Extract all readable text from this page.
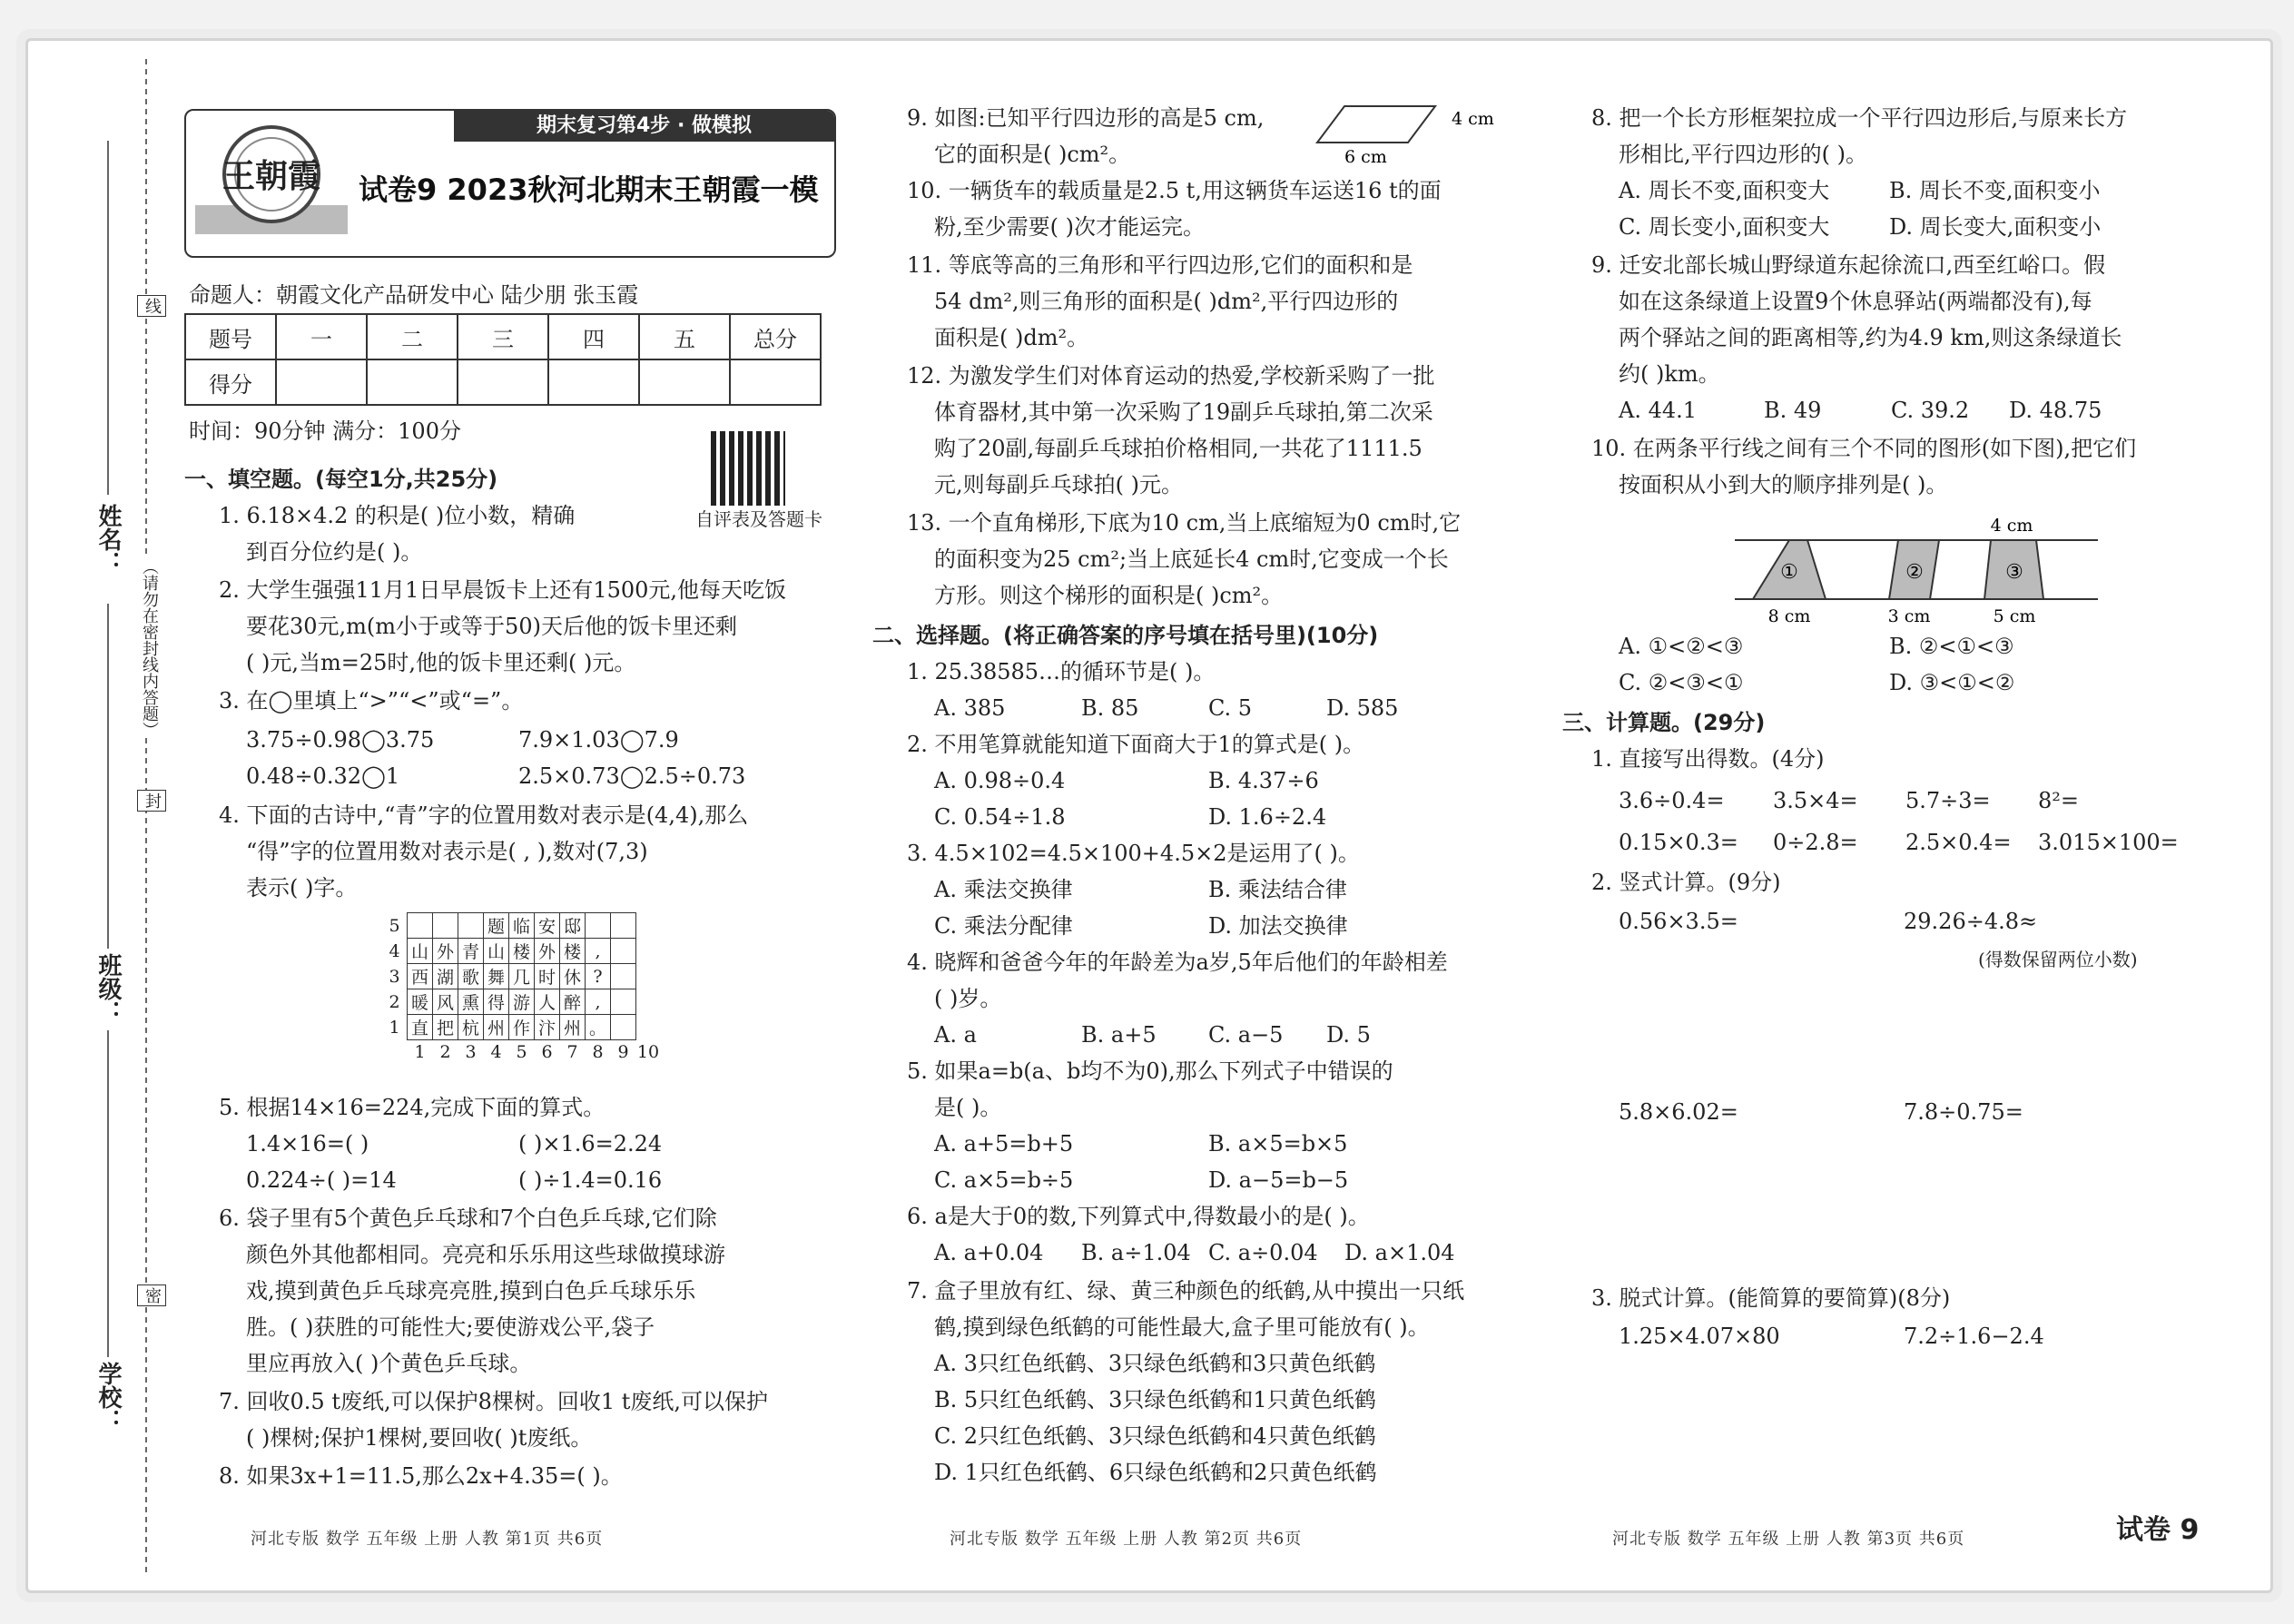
姓名：
班级：
学校：
线
封
密
（请勿在密封线内答题）
期末复习第4步 · 做模拟
王朝霞 试卷9 2023秋河北期末王朝霞一模
命题人：朝霞文化产品研发中心 陆少朋 张玉霞
题号	一	二	三	四	五	总分
得分						
时间：90分钟 满分：100分
自评表及答题卡
一、填空题。(每空1分,共25分)
1. 6.18×4.2 的积是( )位小数，精确
到百分位约是( )。
2. 大学生强强11月1日早晨饭卡上还有1500元,他每天吃饭
要花30元,m(m小于或等于50)天后他的饭卡里还剩
( )元,当m=25时,他的饭卡里还剩( )元。
3. 在◯里填上“>”“<”或“=”。
3.75÷0.98◯3.75	7.9×1.03◯7.9
0.48÷0.32◯1	2.5×0.73◯2.5÷0.73
4. 下面的古诗中,“青”字的位置用数对表示是(4,4),那么
“得”字的位置用数对表示是( , ),数对(7,3)
表示( )字。
5				题	临	安	邸			
4	山	外	青	山	楼	外	楼	,		
3	西	湖	歌	舞	几	时	休	?		
2	暖	风	熏	得	游	人	醉	,		
1	直	把	杭	州	作	汴	州	。		
	1	2	3	4	5	6	7	8	9	10
5. 根据14×16=224,完成下面的算式。
1.4×16=( )	( )×1.6=2.24
0.224÷( )=14	( )÷1.4=0.16
6. 袋子里有5个黄色乒乓球和7个白色乒乓球,它们除
颜色外其他都相同。亮亮和乐乐用这些球做摸球游
戏,摸到黄色乒乓球亮亮胜,摸到白色乒乓球乐乐
胜。( )获胜的可能性大;要使游戏公平,袋子
里应再放入( )个黄色乒乓球。
7. 回收0.5 t废纸,可以保护8棵树。回收1 t废纸,可以保护
( )棵树;保护1棵树,要回收( )t废纸。
8. 如果3x+1=11.5,那么2x+4.35=( )。
河北专版 数学 五年级 上册 人教 第1页 共6页
9. 如图:已知平行四边形的高是5 cm,
它的面积是( )cm²。
4 cm
6 cm
10. 一辆货车的载质量是2.5 t,用这辆货车运送16 t的面
粉,至少需要( )次才能运完。
11. 等底等高的三角形和平行四边形,它们的面积和是
54 dm²,则三角形的面积是( )dm²,平行四边形的
面积是( )dm²。
12. 为激发学生们对体育运动的热爱,学校新采购了一批
体育器材,其中第一次采购了19副乒乓球拍,第二次采
购了20副,每副乒乓球拍价格相同,一共花了1111.5
元,则每副乒乓球拍( )元。
13. 一个直角梯形,下底为10 cm,当上底缩短为0 cm时,它
的面积变为25 cm²;当上底延长4 cm时,它变成一个长
方形。则这个梯形的面积是( )cm²。
二、选择题。(将正确答案的序号填在括号里)(10分)
1. 25.38585…的循环节是( )。
A. 385	B. 85	C. 5	D. 585
2. 不用笔算就能知道下面商大于1的算式是( )。
A. 0.98÷0.4	B. 4.37÷6
C. 0.54÷1.8	D. 1.6÷2.4
3. 4.5×102=4.5×100+4.5×2是运用了( )。
A. 乘法交换律	B. 乘法结合律
C. 乘法分配律	D. 加法交换律
4. 晓辉和爸爸今年的年龄差为a岁,5年后他们的年龄相差
( )岁。
A. a	B. a+5 C. a−5 D. 5
5. 如果a=b(a、b均不为0),那么下列式子中错误的
是( )。
A. a+5=b+5	B. a×5=b×5
C. a×5=b÷5	D. a−5=b−5
6. a是大于0的数,下列算式中,得数最小的是( )。
A. a+0.04 B. a÷1.04 C. a÷0.04 D. a×1.04
7. 盒子里放有红、绿、黄三种颜色的纸鹤,从中摸出一只纸
鹤,摸到绿色纸鹤的可能性最大,盒子里可能放有( )。
A. 3只红色纸鹤、3只绿色纸鹤和3只黄色纸鹤
B. 5只红色纸鹤、3只绿色纸鹤和1只黄色纸鹤
C. 2只红色纸鹤、3只绿色纸鹤和4只黄色纸鹤
D. 1只红色纸鹤、6只绿色纸鹤和2只黄色纸鹤
河北专版 数学 五年级 上册 人教 第2页 共6页
8. 把一个长方形框架拉成一个平行四边形后,与原来长方
形相比,平行四边形的( )。
A. 周长不变,面积变大	B. 周长不变,面积变小
C. 周长变小,面积变大	D. 周长变大,面积变小
9. 迁安北部长城山野绿道东起徐流口,西至红峪口。假
如在这条绿道上设置9个休息驿站(两端都没有),每
两个驿站之间的距离相等,约为4.9 km,则这条绿道长
约( )km。
A. 44.1	B. 49	C. 39.2 D. 48.75
10. 在两条平行线之间有三个不同的图形(如下图),把它们
按面积从小到大的顺序排列是( )。
4 cm
①	②	③
8 cm	3 cm	5 cm
A. ①<②<③	B. ②<①<③
C. ②<③<①	D. ③<①<②
三、计算题。(29分)
1. 直接写出得数。(4分)
3.6÷0.4= 3.5×4= 5.7÷3= 8²=
0.15×0.3= 0÷2.8= 2.5×0.4= 3.015×100=
2. 竖式计算。(9分)
0.56×3.5=	29.26÷4.8≈
(得数保留两位小数)
5.8×6.02=	7.8÷0.75=
3. 脱式计算。(能简算的要简算)(8分)
1.25×4.07×80	7.2÷1.6−2.4
河北专版 数学 五年级 上册 人教 第3页 共6页	试卷 9
